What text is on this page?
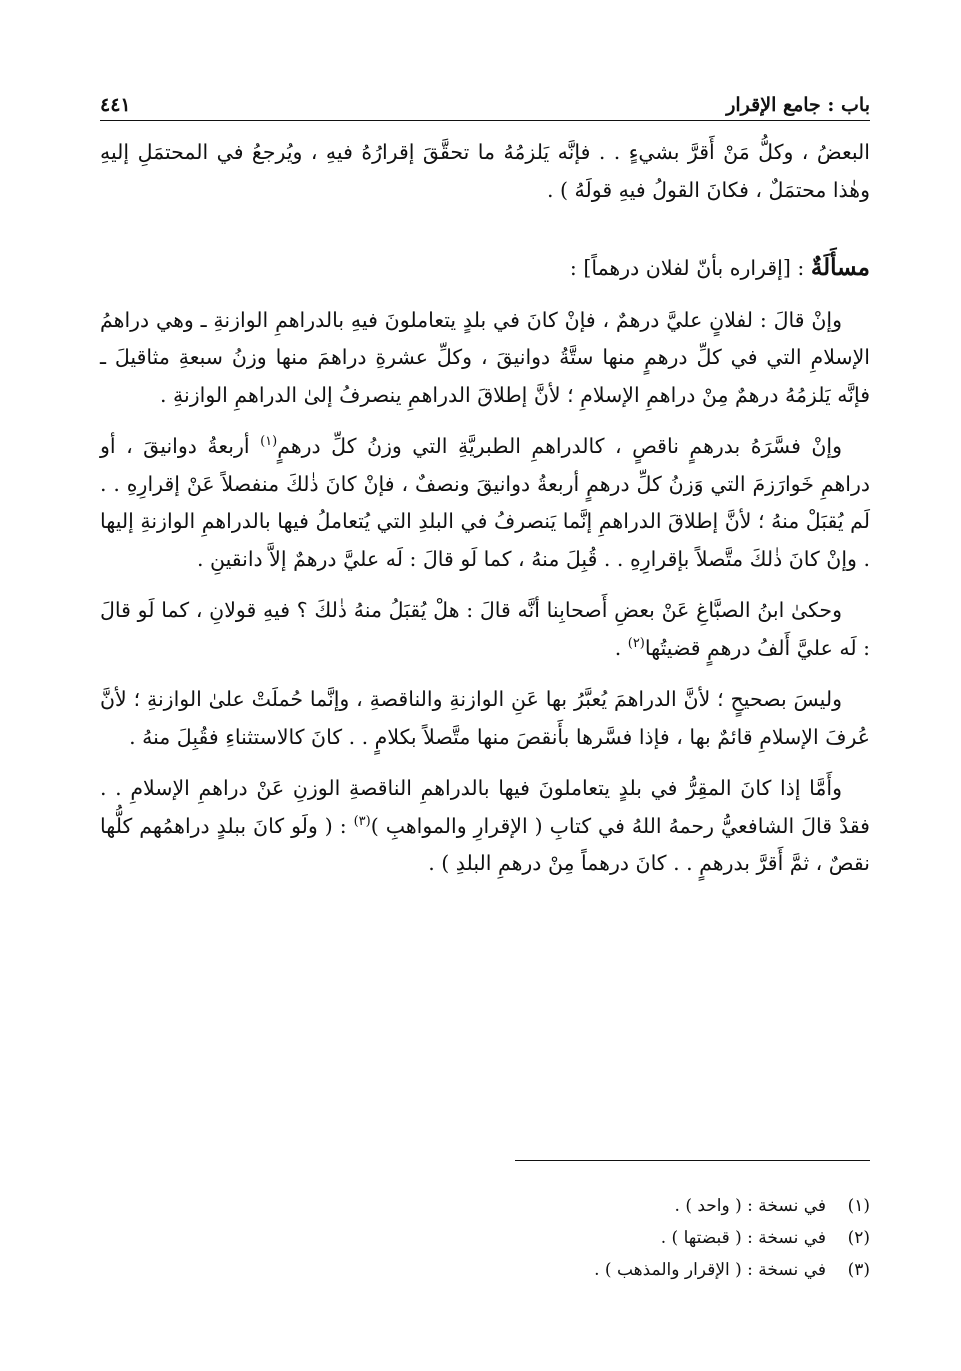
باب : جامع الإقرار
٤٤١

البعضُ ، وكلُّ مَنْ أَقرَّ بشيءٍ . . فإنَّه يَلزمُهُ ما تحقَّقَ إقرارُهُ فيهِ ، ويُرجعُ في المحتمَلِ إليهِ وهٰذا محتمَلٌ ، فكانَ القولُ فيهِ قولَهُ ) .

مسأَلَةٌ : [إقراره بأنّ لفلان درهماً] :

وإنْ قالَ : لفلانٍ عليَّ درهمٌ ، فإنْ كانَ في بلدٍ يتعاملونَ فيهِ بالدراهمِ الوازنةِ ـ وهي دراهمُ الإسلامِ التي في كلِّ درهمٍ منها ستَّةُ دوانيقَ ، وكلِّ عشرةِ دراهمَ منها وزنُ سبعةِ مثاقيلَ ـ فإنَّه يَلزمُهُ درهمٌ مِنْ دراهمِ الإسلامِ ؛ لأنَّ إطلاقَ الدراهمِ ينصرفُ إلىٰ الدراهمِ الوازنةِ .

وإنْ فسَّرَهُ بدرهمٍ ناقصٍ ، كالدراهمِ الطبريَّةِ التي وزنُ كلِّ درهمٍ$^{(١)}$ أربعةُ دوانيقَ ، أو دراهمِ خَوارَزمَ التي وَزنُ كلِّ درهمٍ أربعةُ دوانيقَ ونصفٌ ، فإنْ كانَ ذٰلكَ منفصلاً عَنْ إقرارِهِ . . لَم يُقبَلْ منهُ ؛ لأنَّ إطلاقَ الدراهمِ إنَّما يَنصرفُ في البلدِ التي يُتعاملُ فيها بالدراهمِ الوازنةِ إليها . وإنْ كانَ ذٰلكَ متَّصلاً بإقرارِهِ . . قُبِلَ منهُ ، كما لَو قالَ : لَه عليَّ درهمٌ إلاَّ دانقينِ .

وحكىٰ ابنُ الصبَّاغِ عَنْ بعضِ أَصحابِنا أنَّه قالَ : هلْ يُقبَلُ منهُ ذٰلكَ ؟ فيهِ قولانِ ، كما لَو قالَ : لَه عليَّ أَلفُ درهمٍ قضيتُها$^{(٢)}$ .

وليسَ بصحيحٍ ؛ لأنَّ الدراهمَ يُعبَّرُ بها عَنِ الوازنةِ والناقصةِ ، وإنَّما حُملَتْ علىٰ الوازنةِ ؛ لأنَّ عُرفَ الإسلامِ قائمٌ بها ، فإذا فسَّرها بأَنقصَ منها متَّصلاً بكلامٍ . . كانَ كالاستثناءِ فقُبِلَ منهُ .

وأَمَّا إذا كانَ المقِرُّ في بلدٍ يتعاملونَ فيها بالدراهمِ الناقصةِ الوزنِ عَنْ دراهمِ الإسلامِ . . فقدْ قالَ الشافعيُّ رحمهُ اللهُ في كتابِ ( الإقرارِ والمواهبِ )$^{(٣)}$ : ( ولَو كانَ ببلدٍ دراهمُهم كلُّها نقصٌ ، ثمَّ أَقرَّ بدرهمٍ . . كانَ درهماً مِنْ درهمِ البلدِ ) .

(١)
في نسخة : ( واحد ) .
(٢)
في نسخة : ( قبضتها ) .
(٣)
في نسخة : ( الإقرار والمذهب ) .
